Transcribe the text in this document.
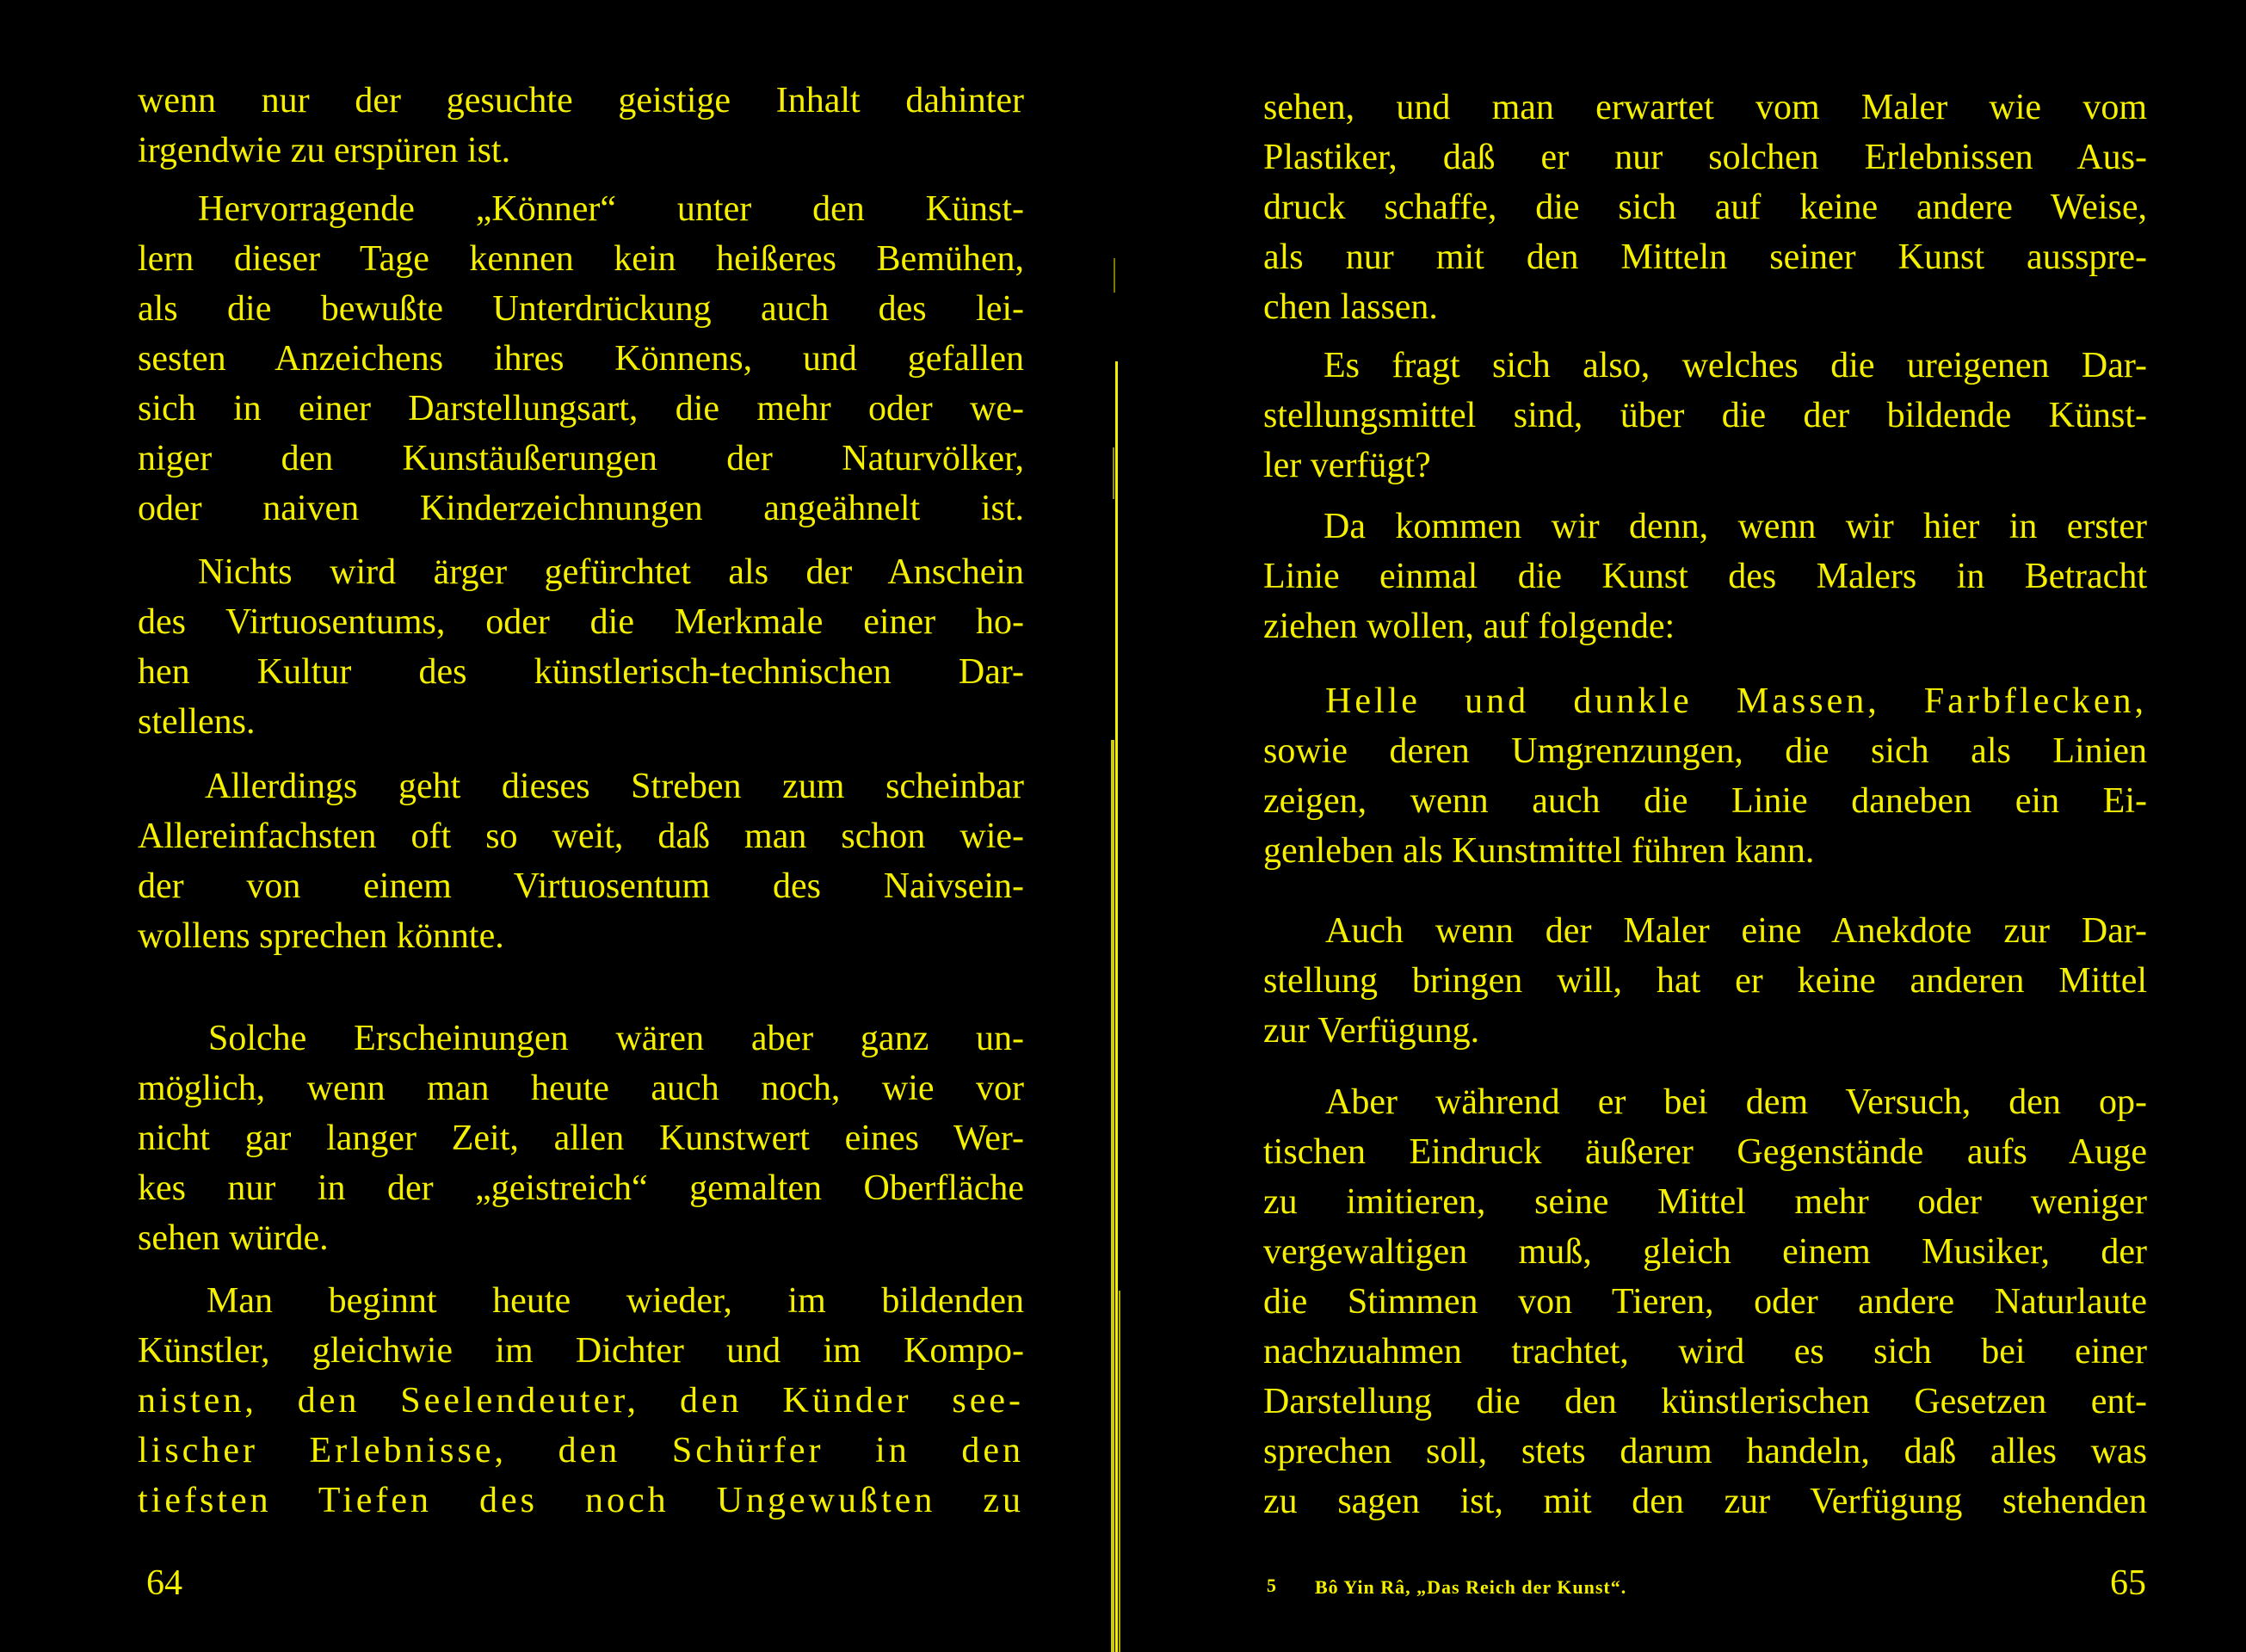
wenn nur der gesuchte geistige Inhalt dahinter
irgendwie zu erspüren ist.
Hervorragende „Könner“ unter den Künst-
lern dieser Tage kennen kein heißeres Bemühen,
als die bewußte Unterdrückung auch des lei-
sesten Anzeichens ihres Könnens, und gefallen
sich in einer Darstellungsart, die mehr oder we-
niger den Kunstäußerungen der Naturvölker,
oder naiven Kinderzeichnungen angeähnelt ist.
Nichts wird ärger gefürchtet als der Anschein
des Virtuosentums, oder die Merkmale einer ho-
hen Kultur des künstlerisch-technischen Dar-
stellens.
Allerdings geht dieses Streben zum scheinbar
Allereinfachsten oft so weit, daß man schon wie-
der von einem Virtuosentum des Naivsein-
wollens sprechen könnte.
Solche Erscheinungen wären aber ganz un-
möglich, wenn man heute auch noch, wie vor
nicht gar langer Zeit, allen Kunstwert eines Wer-
kes nur in der „geistreich“ gemalten Oberfläche
sehen würde.
Man beginnt heute wieder, im bildenden
Künstler, gleichwie im Dichter und im Kompo-
nisten, den Seelendeuter, den Künder see-
lischer Erlebnisse, den Schürfer in den
tiefsten Tiefen des noch Ungewußten zu
64
sehen, und man erwartet vom Maler wie vom
Plastiker, daß er nur solchen Erlebnissen Aus-
druck schaffe, die sich auf keine andere Weise,
als nur mit den Mitteln seiner Kunst ausspre-
chen lassen.
Es fragt sich also, welches die ureigenen Dar-
stellungsmittel sind, über die der bildende Künst-
ler verfügt?
Da kommen wir denn, wenn wir hier in erster
Linie einmal die Kunst des Malers in Betracht
ziehen wollen, auf folgende:
Helle und dunkle Massen, Farbflecken,
sowie deren Umgrenzungen, die sich als Linien
zeigen, wenn auch die Linie daneben ein Ei-
genleben als Kunstmittel führen kann.
Auch wenn der Maler eine Anekdote zur Dar-
stellung bringen will, hat er keine anderen Mittel
zur Verfügung.
Aber während er bei dem Versuch, den op-
tischen Eindruck äußerer Gegenstände aufs Auge
zu imitieren, seine Mittel mehr oder weniger
vergewaltigen muß, gleich einem Musiker, der
die Stimmen von Tieren, oder andere Naturlaute
nachzuahmen trachtet, wird es sich bei einer
Darstellung die den künstlerischen Gesetzen ent-
sprechen soll, stets darum handeln, daß alles was
zu sagen ist, mit den zur Verfügung stehenden
5 Bô Yin Râ, „Das Reich der Kunst“.	65
